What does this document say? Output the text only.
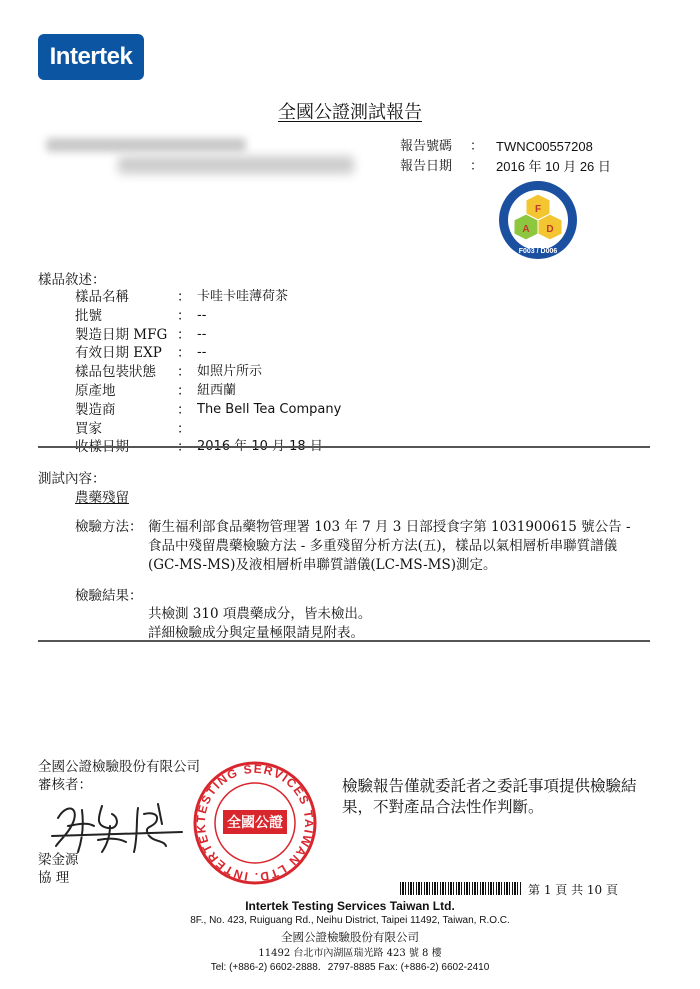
Intertek
全國公證測試報告
報告號碼	： TWNC00557208
報告日期	： 2016 年 10 月 26 日
F
D
A
F003 / D006
樣品敘述：
樣品名稱	： 卡哇卡哇薄荷茶
批號	： --
製造日期 MFG ： --
有效日期 EXP	： --
樣品包裝狀態	： 如照片所示
原產地	： 紐西蘭
製造商	： The Bell Tea Company
買家	：
收樣日期	： 2016 年 10 月 18 日
測試內容：
農藥殘留
檢驗方法： 衛生福利部食品藥物管理署 103 年 7 月 3 日部授食字第 1031900615 號公告 - 食品中殘留農藥檢驗方法 - 多重殘留分析方法(五)，樣品以氣相層析串聯質譜儀(GC-MS-MS)及液相層析串聯質譜儀(LC-MS-MS)測定。
檢驗結果：
共檢測 310 項農藥成分，皆未檢出。
詳細檢驗成分與定量極限請見附表。
全國公證檢驗股份有限公司
審核者：
TESTING SERVICES TAIWAN LTD. INTERTEK	全國公證
檢驗報告僅就委託者之委託事項提供檢驗結果，不對產品合法性作判斷。
梁金源
協 理
第 1 頁 共 10 頁
Intertek Testing Services Taiwan Ltd.
8F., No. 423, Ruiguang Rd., Neihu District, Taipei 11492, Taiwan, R.O.C.
全國公證檢驗股份有限公司
11492 台北市內湖區瑞光路 423 號 8 樓
Tel: (+886-2) 6602-2888．2797-8885 Fax: (+886-2) 6602-2410
